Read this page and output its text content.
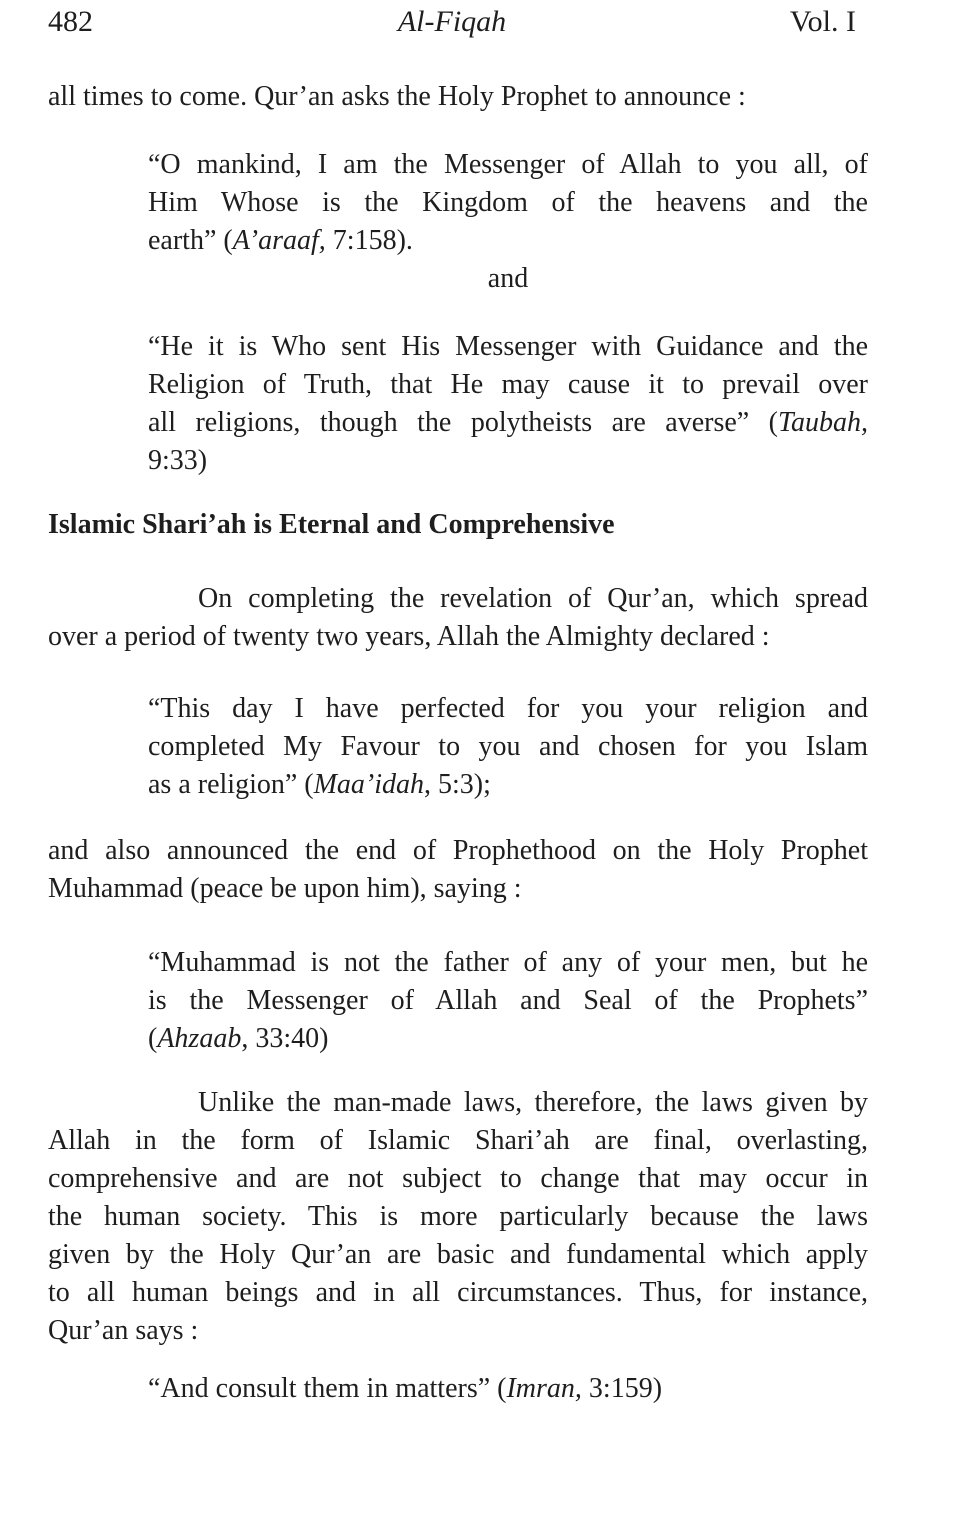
482	Al-Fiqah	Vol. I
all times to come. Qur’an asks the Holy Prophet to announce :
“O mankind, I am the Messenger of Allah to you all, of
Him Whose is the Kingdom of the heavens and the
earth” (A’araaf, 7:158).
and
“He it is Who sent His Messenger with Guidance and the
Religion of Truth, that He may cause it to prevail over
all religions, though the polytheists are averse” (Taubah,
9:33)
Islamic Shari’ah is Eternal and Comprehensive
On completing the revelation of Qur’an, which spread
over a period of twenty two years, Allah the Almighty declared :
“This day I have perfected for you your religion and
completed My Favour to you and chosen for you Islam
as a religion” (Maa’idah, 5:3);
and also announced the end of Prophethood on the Holy Prophet
Muhammad (peace be upon him), saying :
“Muhammad is not the father of any of your men, but he
is the Messenger of Allah and Seal of the Prophets”
(Ahzaab, 33:40)
Unlike the man-made laws, therefore, the laws given by
Allah in the form of Islamic Shari’ah are final, overlasting,
comprehensive and are not subject to change that may occur in
the human society. This is more particularly because the laws
given by the Holy Qur’an are basic and fundamental which apply
to all human beings and in all circumstances. Thus, for instance,
Qur’an says :
“And consult them in matters” (Imran, 3:159)
